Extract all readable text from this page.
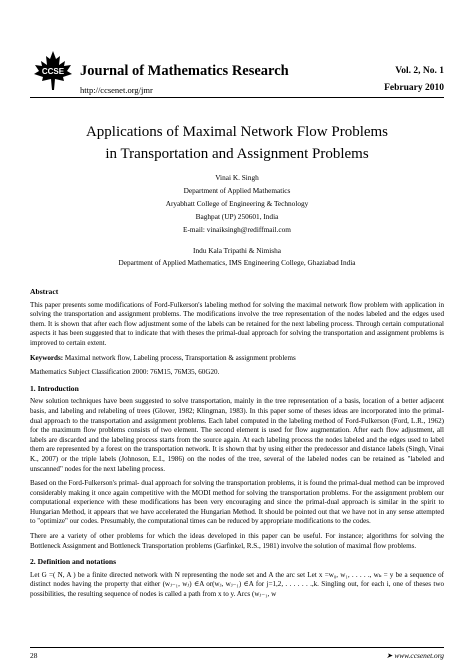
CCSE Journal of Mathematics Research
http://ccsenet.org/jmr
Vol. 2, No. 1
February 2010
Applications of Maximal Network Flow Problems
in Transportation and Assignment Problems
Vinai K. Singh
Department of Applied Mathematics
Aryabhatt College of Engineering & Technology
Baghpat (UP) 250601, India
E-mail: vinaiksingh@rediffmail.com
Indu Kala Tripathi & Nimisha
Department of Applied Mathematics, IMS Engineering College, Ghaziabad India
Abstract

This paper presents some modifications of Ford-Fulkerson's labeling method for solving the maximal network flow problem with application in solving the transportation and assignment problems. The modifications involve the tree representation of the nodes labeled and the edges used them. It is shown that after each flow adjustment some of the labels can be retained for the next labeling process. Through certain computational aspects it has been suggested that to indicate that with theses the primal-dual approach for solving the transportation and assignment problems is improved to certain extent.

Keywords: Maximal network flow, Labeling process, Transportation & assignment problems

Mathematics Subject Classification 2000: 76M15, 76M35, 60G20.

1. Introduction

New solution techniques have been suggested to solve transportation, mainly in the tree representation of a basis, location of a better adjacent basis, and labeling and relabeling of trees (Glover, 1982; Klingman, 1983). In this paper some of theses ideas are incorporated into the primal-dual approach to the transportation and assignment problems. Each label computed in the labeling method of Ford-Fulkerson (Ford, L.R., 1962) for the maximum flow problems consists of two element. The second element is used for flow augmentation. After each flow adjustment, all labels are discarded and the labeling process starts from the source again. At each labeling process the nodes labeled and the edges used to label them are represented by a forest on the transportation network. It is shown that by using either the predecessor and distance labels (Singh, Vinai K., 2007) or the triple labels (Johnoson, E.I., 1986) on the nodes of the tree, several of the labeled nodes can be retained as "labeled and unscanned" nodes for the next labeling process.

Based on the Ford-Fulkerson's primal- dual approach for solving the transportation problems, it is found the primal-dual method can be improved considerably making it once again competitive with the MODI method for solving the transportation problems. For the assignment problem our computational experience with these modifications has been very encouraging and since the primal-dual approach is similar in the spirit to Hungarian Method, it appears that we have accelerated the Hungarian Method. It should be pointed out that we have not in any sense attempted to "optimize" our codes. Presumably, the computational times can be reduced by appropriate modifications to the codes.

There are a variety of other problems for which the ideas developed in this paper can be useful. For instance; algorithms for solving the Bottleneck Assignment and Bottleneck Transportation problems (Garfinkel, R.S., 1981) involve the solution of maximal flow problems.

2. Definition and notations

Let G =( N, A ) be a finite directed network with N representing the node set and A the arc set Let x =w₀, w₁, . . . . ., wₖ = y be a sequence of distinct nodes having the property that either (wⱼ₋₁, wⱼ) ∈A or(wⱼ, wⱼ₋₁) ∈A for j=1,2, . . . . . . .,k. Singling out, for each i, one of theses two possibilities, the resulting sequence of nodes is called a path from x to y. Arcs (wⱼ₋₁, w

28	➤ www.ccsenet.org
